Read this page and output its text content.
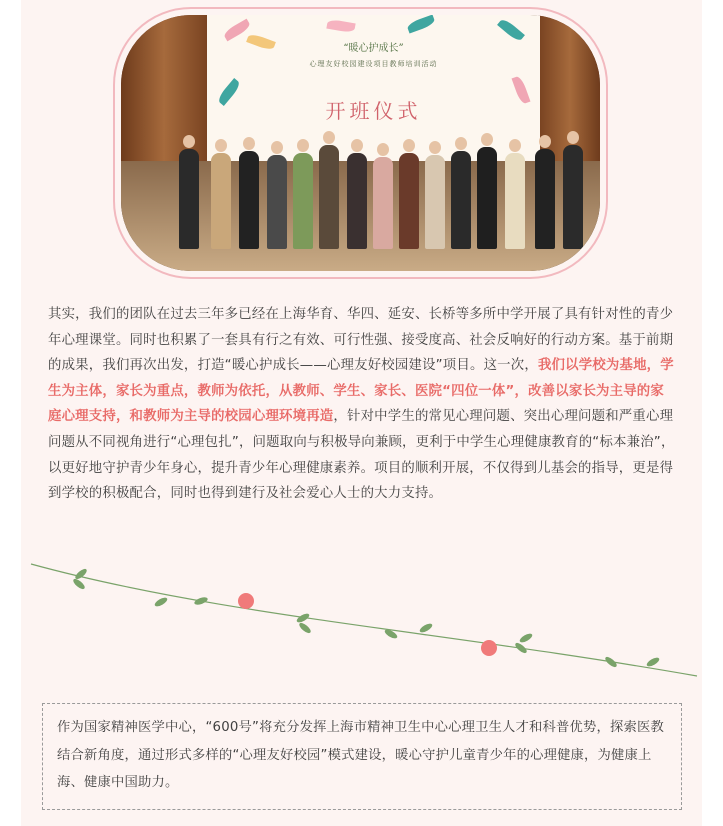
“暖心护成长”
心理友好校园建设项目教师培训活动
开班仪式

其实，我们的团队在过去三年多已经在上海华育、华四、延安、长桥等多所中学开展了具有针对性的青少年心理课堂。同时也积累了一套具有行之有效、可行性强、接受度高、社会反响好的行动方案。基于前期的成果，我们再次出发，打造“暖心护成长——心理友好校园建设”项目。这一次，我们以学校为基地，学生为主体，家长为重点，教师为依托，从教师、学生、家长、医院“四位一体”，改善以家长为主导的家庭心理支持，和教师为主导的校园心理环境再造，针对中学生的常见心理问题、突出心理问题和严重心理问题从不同视角进行“心理包扎”，问题取向与积极导向兼顾，更利于中学生心理健康教育的“标本兼治”，以更好地守护青少年身心，提升青少年心理健康素养。项目的顺利开展，不仅得到儿基会的指导，更是得到学校的积极配合，同时也得到建行及社会爱心人士的大力支持。

作为国家精神医学中心，“600号”将充分发挥上海市精神卫生中心心理卫生人才和科普优势，探索医教结合新角度，通过形式多样的“心理友好校园”模式建设，暖心守护儿童青少年的心理健康，为健康上海、健康中国助力。
